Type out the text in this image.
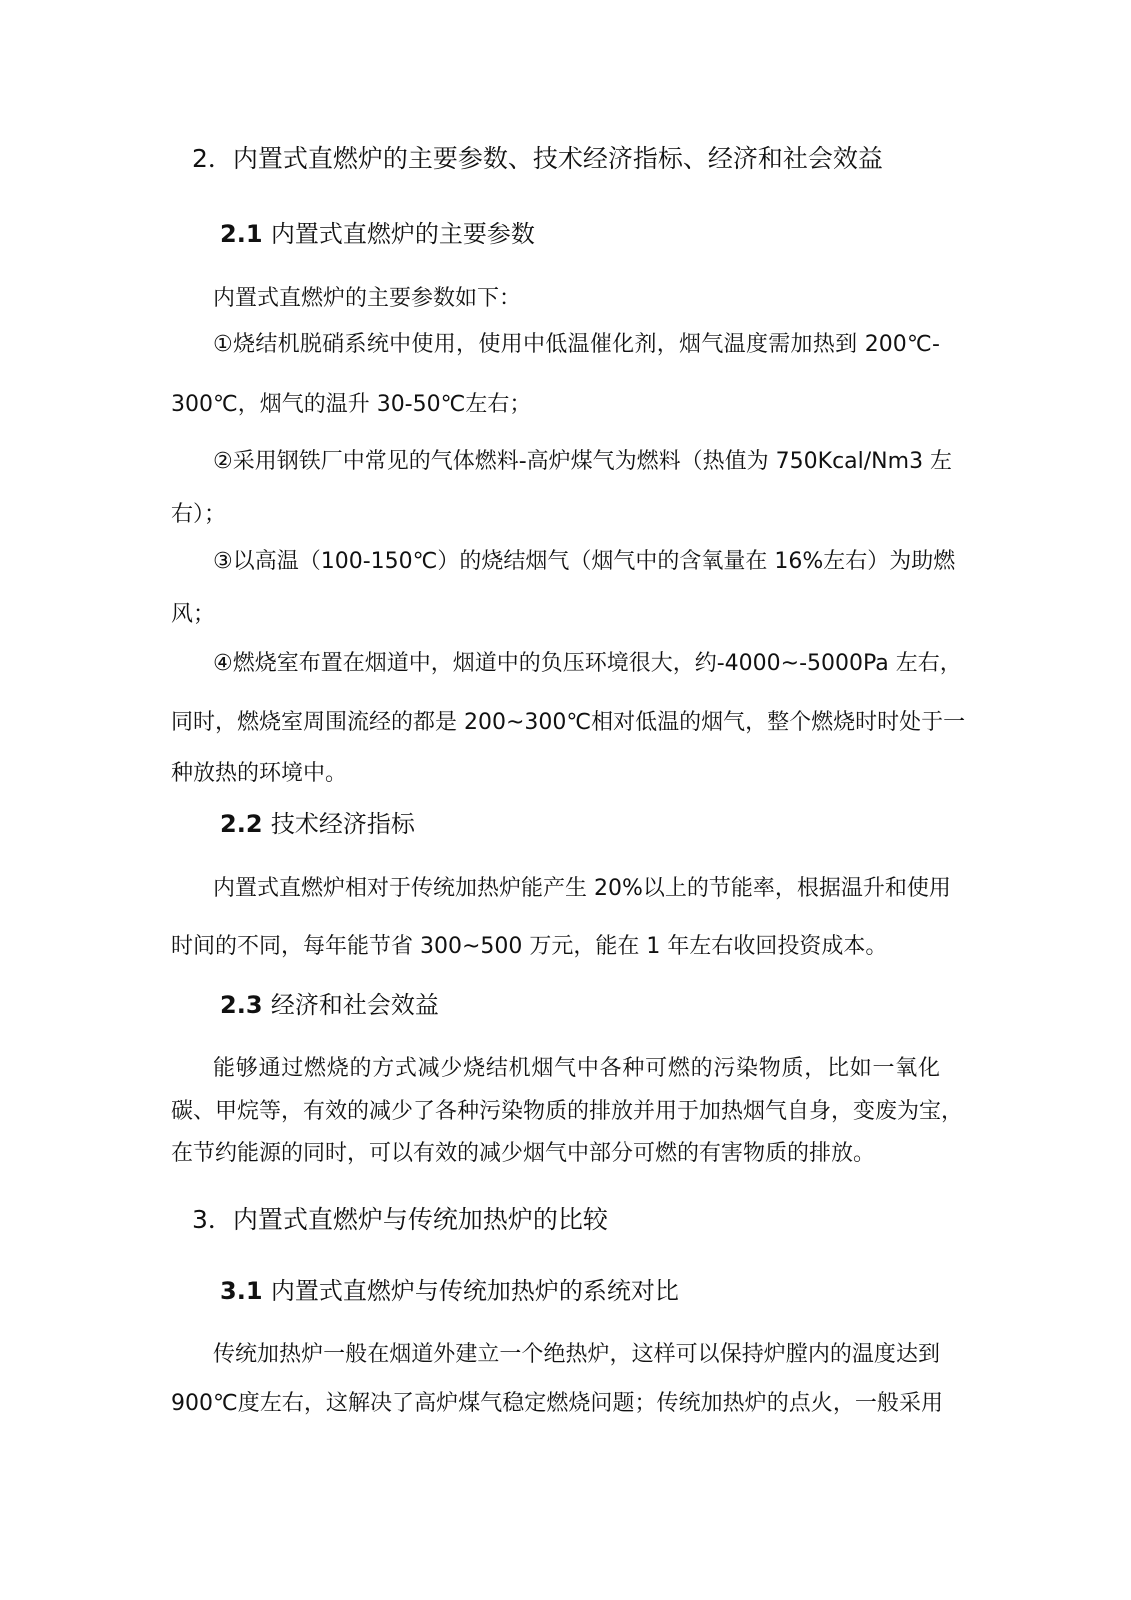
2．内置式直燃炉的主要参数、技术经济指标、经济和社会效益
2.1 内置式直燃炉的主要参数
内置式直燃炉的主要参数如下：
①烧结机脱硝系统中使用，使用中低温催化剂，烟气温度需加热到 200℃-
300℃，烟气的温升 30-50℃左右；
②采用钢铁厂中常见的气体燃料-高炉煤气为燃料（热值为 750Kcal/Nm3 左
右）；
③以高温（100-150℃）的烧结烟气（烟气中的含氧量在 16%左右）为助燃
风；
④燃烧室布置在烟道中，烟道中的负压环境很大，约-4000~-5000Pa 左右，
同时，燃烧室周围流经的都是 200~300℃相对低温的烟气，整个燃烧时时处于一
种放热的环境中。
2.2 技术经济指标
内置式直燃炉相对于传统加热炉能产生 20%以上的节能率，根据温升和使用
时间的不同，每年能节省 300~500 万元，能在 1 年左右收回投资成本。
2.3 经济和社会效益
能够通过燃烧的方式减少烧结机烟气中各种可燃的污染物质，比如一氧化
碳、甲烷等，有效的减少了各种污染物质的排放并用于加热烟气自身，变废为宝，
在节约能源的同时，可以有效的减少烟气中部分可燃的有害物质的排放。
3．内置式直燃炉与传统加热炉的比较
3.1 内置式直燃炉与传统加热炉的系统对比
传统加热炉一般在烟道外建立一个绝热炉，这样可以保持炉膛内的温度达到
900℃度左右，这解决了高炉煤气稳定燃烧问题；传统加热炉的点火，一般采用
